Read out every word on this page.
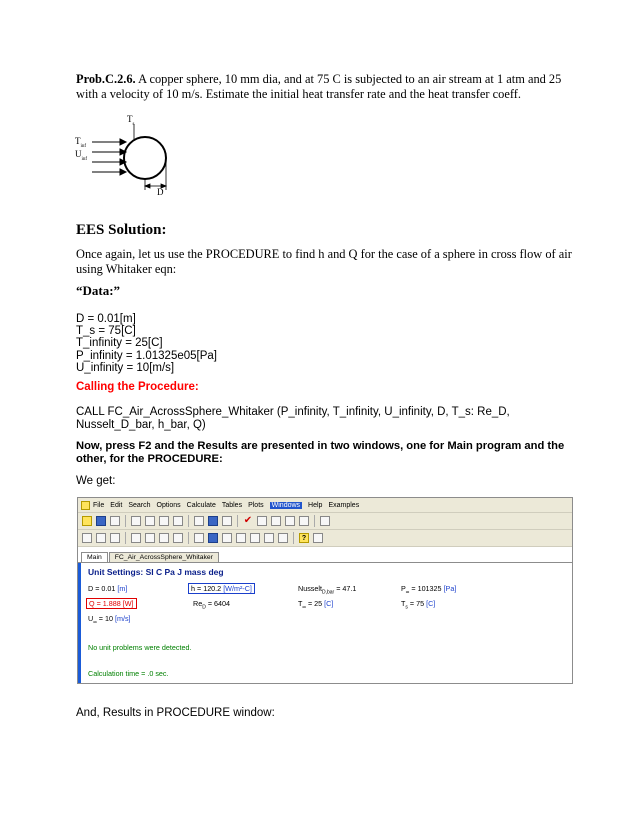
Prob.C.2.6. A copper sphere, 10 mm dia, and at 75 C is subjected to an air stream at 1 atm and 25 with a velocity of 10 m/s. Estimate the initial heat transfer rate and the heat transfer coeff.
$T_s$
$T_{inf}$
$U_{inf}$
D
EES Solution:
Once again, let us use the PROCEDURE to find h and Q for the case of a sphere in cross flow of air using Whitaker eqn:
“Data:”
D = 0.01[m]
T_s = 75[C]
T_infinity = 25[C]
P_infinity = 1.01325e05[Pa]
U_infinity = 10[m/s]
Calling the Procedure:
CALL FC_Air_AcrossSphere_Whitaker (P_infinity, T_infinity, U_infinity, D, T_s: Re_D, Nusselt_D_bar, h_bar, Q)
Now, press F2 and the Results are presented in two windows, one for Main program and the other, for the PROCEDURE:
We get:
File Edit Search Options Calculate Tables Plots Windows Help Examples
✔
?
Main	FC_Air_AcrossSphere_Whitaker
Unit Settings: SI C Pa J mass deg
D = 0.01 [m]	h = 120.2 [W/m²-C]	Nusselt$_{D,bar}$ = 47.1	$P_\infty = 101325$ [Pa]
Q = 1.888 [W]	$Re_D = 6404$	$T_\infty = 25$ [C]	$T_s = 75$ [C]
$U_\infty = 10$ [m/s]
No unit problems were detected.
Calculation time = .0 sec.
And, Results in PROCEDURE window:
